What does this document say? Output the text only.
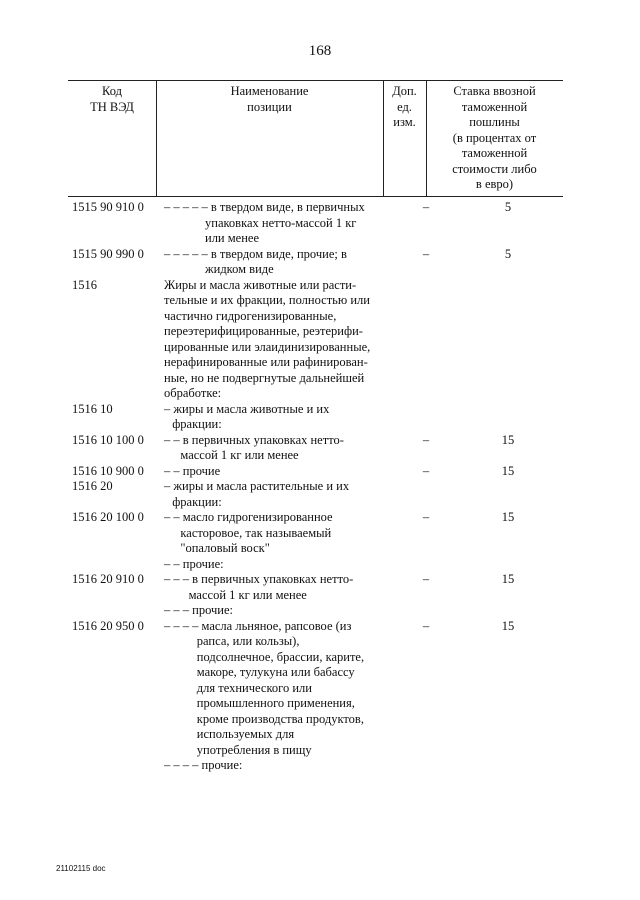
168
Код
ТН ВЭД
Наименование
позиции
Доп.
ед.
изм.
Ставка ввозной
таможенной
пошлины
(в процентах от
таможенной
стоимости либо
в евро)
1515 90 910 0	– – – – – в твердом виде, в первичных
упаковках нетто-массой 1 кг
или менее
–	5
1515 90 990 0	– – – – – в твердом виде, прочие; в
жидком виде
–	5
1516	Жиры и масла животные или расти-
тельные и их фракции, полностью или
частично гидрогенизированные,
переэтерифицированные, реэтерифи-
цированные или элаидинизированные,
нерафинированные или рафинирован-
ные, но не подвергнутые дальнейшей
обработке:
1516 10	– жиры и масла животные и их
фракции:
1516 10 100 0	– – в первичных упаковках нетто-
массой 1 кг или менее
–	15
1516 10 900 0	– – прочие	–	15
1516 20	– жиры и масла растительные и их
фракции:
1516 20 100 0	– – масло гидрогенизированное
касторовое, так называемый
"опаловый воск"
–	15
– – прочие:
1516 20 910 0	– – – в первичных упаковках нетто-
массой 1 кг или менее
–	15
– – – прочие:
1516 20 950 0	– – – – масла льняное, рапсовое (из
рапса, или кользы),
подсолнечное, брассии, карите,
макоре, тулукуна или бабассу
для технического или
промышленного применения,
кроме производства продуктов,
используемых для
употребления в пищу
–	15
– – – – прочие:
21102115 doc
